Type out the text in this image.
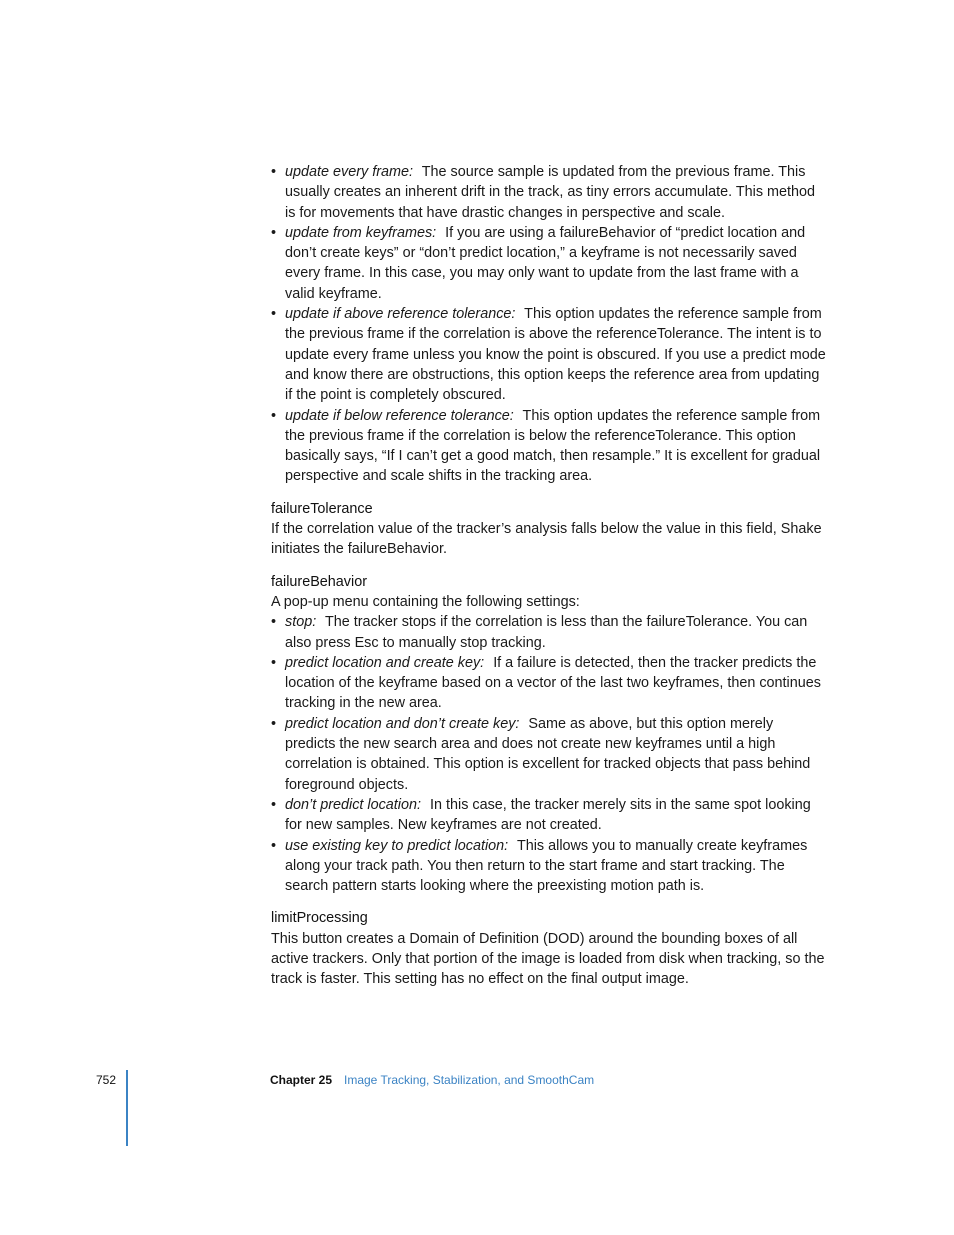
• update every frame: The source sample is updated from the previous frame. This usually creates an inherent drift in the track, as tiny errors accumulate. This method is for movements that have drastic changes in perspective and scale.
• update from keyframes: If you are using a failureBehavior of “predict location and don’t create keys” or “don’t predict location,” a keyframe is not necessarily saved every frame. In this case, you may only want to update from the last frame with a valid keyframe.
• update if above reference tolerance: This option updates the reference sample from the previous frame if the correlation is above the referenceTolerance. The intent is to update every frame unless you know the point is obscured. If you use a predict mode and know there are obstructions, this option keeps the reference area from updating if the point is completely obscured.
• update if below reference tolerance: This option updates the reference sample from the previous frame if the correlation is below the referenceTolerance. This option basically says, “If I can’t get a good match, then resample.” It is excellent for gradual perspective and scale shifts in the tracking area.
failureTolerance

If the correlation value of the tracker’s analysis falls below the value in this field, Shake initiates the failureBehavior.

failureBehavior

A pop-up menu containing the following settings:

• stop: The tracker stops if the correlation is less than the failureTolerance. You can also press Esc to manually stop tracking.
• predict location and create key: If a failure is detected, then the tracker predicts the location of the keyframe based on a vector of the last two keyframes, then continues tracking in the new area.
• predict location and don’t create key: Same as above, but this option merely predicts the new search area and does not create new keyframes until a high correlation is obtained. This option is excellent for tracked objects that pass behind foreground objects.
• don’t predict location: In this case, the tracker merely sits in the same spot looking for new samples. New keyframes are not created.
• use existing key to predict location: This allows you to manually create keyframes along your track path. You then return to the start frame and start tracking. The search pattern starts looking where the preexisting motion path is.
limitProcessing

This button creates a Domain of Definition (DOD) around the bounding boxes of all active trackers. Only that portion of the image is loaded from disk when tracking, so the track is faster. This setting has no effect on the final output image.

752	Chapter 25 Image Tracking, Stabilization, and SmoothCam
